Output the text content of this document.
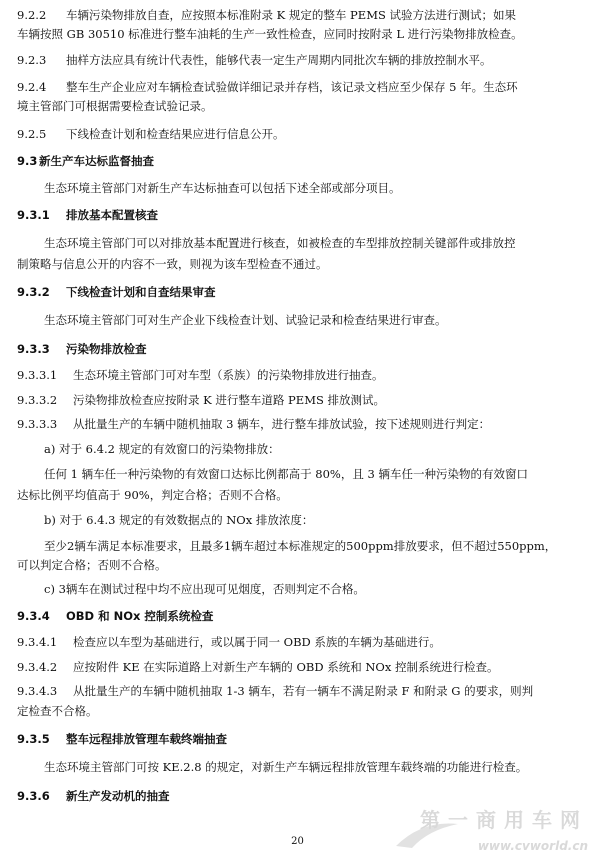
9.2.2 车辆污染物排放自查，应按照本标准附录 K 规定的整车 PEMS 试验方法进行测试；如果
车辆按照 GB 30510 标准进行整车油耗的生产一致性检查，应同时按附录 L 进行污染物排放检查。
9.2.3 抽样方法应具有统计代表性，能够代表一定生产周期内同批次车辆的排放控制水平。
9.2.4 整车生产企业应对车辆检查试验做详细记录并存档，该记录文档应至少保存 5 年。生态环
境主管部门可根据需要检查试验记录。
9.2.5 下线检查计划和检查结果应进行信息公开。
9.3 新生产车达标监督抽查
生态环境主管部门对新生产车达标抽查可以包括下述全部或部分项目。
9.3.1 排放基本配置核查
生态环境主管部门可以对排放基本配置进行核查，如被检查的车型排放控制关键部件或排放控
制策略与信息公开的内容不一致，则视为该车型检查不通过。
9.3.2 下线检查计划和自查结果审查
生态环境主管部门可对生产企业下线检查计划、试验记录和检查结果进行审查。
9.3.3 污染物排放检查
9.3.3.1 生态环境主管部门可对车型（系族）的污染物排放进行抽查。
9.3.3.2 污染物排放检查应按附录 K 进行整车道路 PEMS 排放测试。
9.3.3.3 从批量生产的车辆中随机抽取 3 辆车，进行整车排放试验，按下述规则进行判定：
a) 对于 6.4.2 规定的有效窗口的污染物排放：
任何 1 辆车任一种污染物的有效窗口达标比例都高于 80%，且 3 辆车任一种污染物的有效窗口
达标比例平均值高于 90%，判定合格；否则不合格。
b) 对于 6.4.3 规定的有效数据点的 NOx 排放浓度：
至少2辆车满足本标准要求，且最多1辆车超过本标准规定的500ppm排放要求，但不超过550ppm，
可以判定合格；否则不合格。
c) 3辆车在测试过程中均不应出现可见烟度，否则判定不合格。
9.3.4 OBD 和 NOx 控制系统检查
9.3.4.1 检查应以车型为基础进行，或以属于同一 OBD 系族的车辆为基础进行。
9.3.4.2 应按附件 KE 在实际道路上对新生产车辆的 OBD 系统和 NOx 控制系统进行检查。
9.3.4.3 从批量生产的车辆中随机抽取 1-3 辆车，若有一辆车不满足附录 F 和附录 G 的要求，则判
定检查不合格。
9.3.5 整车远程排放管理车载终端抽查
生态环境主管部门可按 KE.2.8 的规定，对新生产车辆远程排放管理车载终端的功能进行检查。
9.3.6 新生产发动机的抽查
20
第一商用车网
www.cvworld.cn
